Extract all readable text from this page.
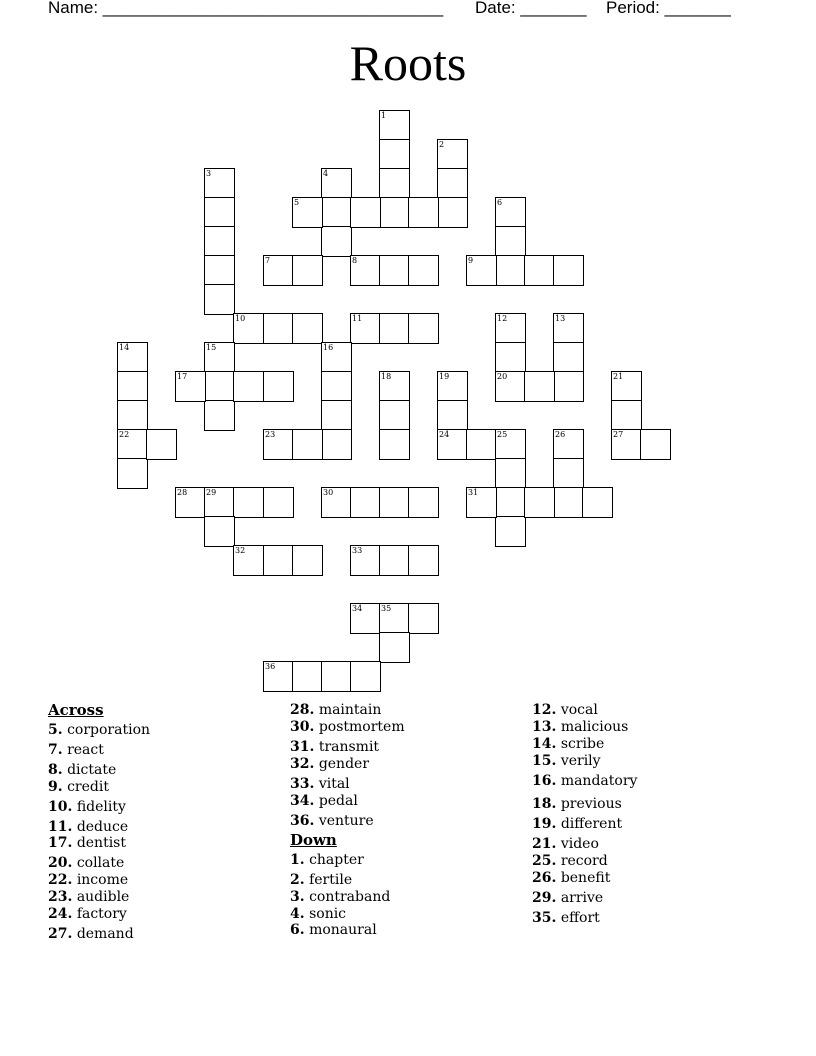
Name: ____________________________________ Date: _______ Period: _______
Roots
1
2
3	4
5	6
7	8	9
10	11	12
20
13
14
22
15	16
17	18	19
24
21
27
23	25	26
28 29	30	31
32	33
34 35
36
Across
Down
5. corporation
7. react
8. dictate
9. credit
10. fidelity
11. deduce
17. dentist
20. collate
22. income
23. audible
24. factory
27. demand
28. maintain
30. postmortem
31. transmit
32. gender
33. vital
34. pedal
36. venture
1. chapter
2. fertile
3. contraband
4. sonic
6. monaural
12. vocal
13. malicious
14. scribe
15. verily
16. mandatory
18. previous
19. different
21. video
25. record
26. benefit
29. arrive
35. effort
